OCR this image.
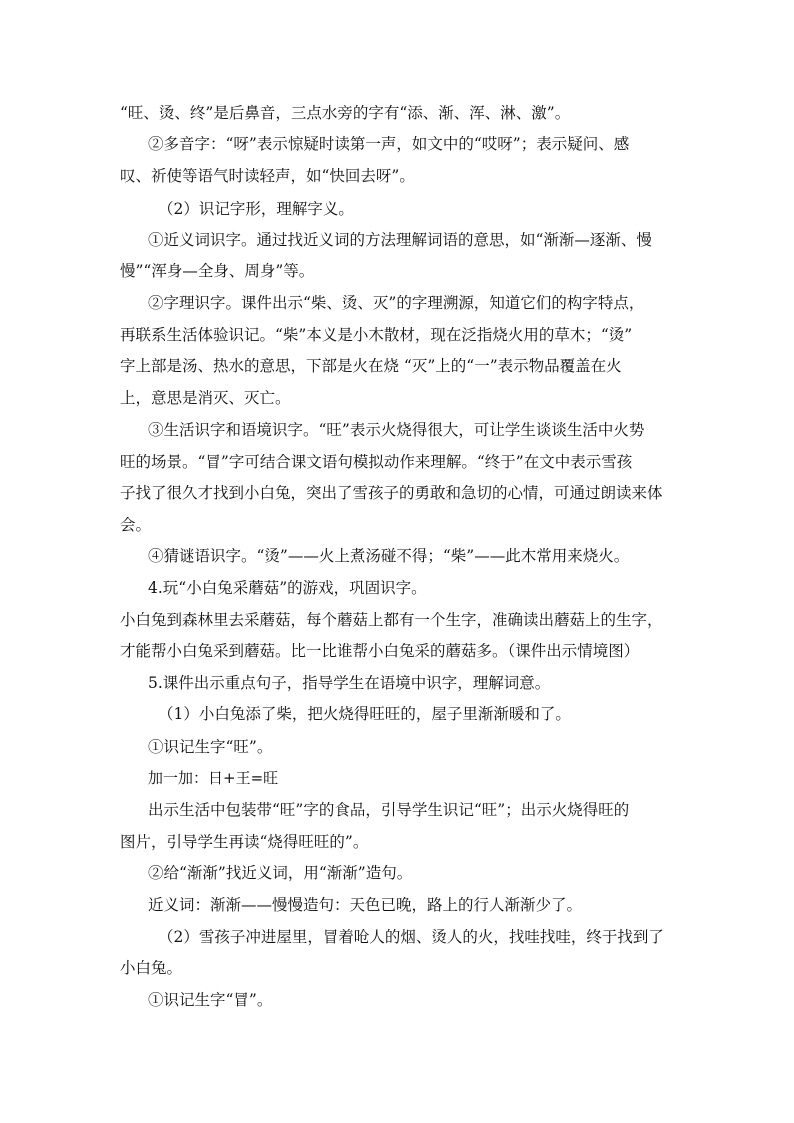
“旺、烫、终”是后鼻音，三点水旁的字有“添、渐、浑、淋、激”。

②多音字：“呀”表示惊疑时读第一声，如文中的“哎呀”；表示疑问、感

叹、祈使等语气时读轻声，如“快回去呀”。

（2）识记字形，理解字义。

①近义词识字。通过找近义词的方法理解词语的意思，如“渐渐—逐渐、慢

慢”“浑身—全身、周身”等。

②字理识字。课件出示“柴、烫、灭”的字理溯源，知道它们的构字特点，

再联系生活体验识记。“柴”本义是小木散材，现在泛指烧火用的草木；“烫”

字上部是汤、热水的意思，下部是火在烧 “灭”上的“一”表示物品覆盖在火

上，意思是消灭、灭亡。

③生活识字和语境识字。“旺”表示火烧得很大，可让学生谈谈生活中火势

旺的场景。“冒”字可结合课文语句模拟动作来理解。“终于”在文中表示雪孩

子找了很久才找到小白兔，突出了雪孩子的勇敢和急切的心情，可通过朗读来体

会。

④猜谜语识字。“烫”——火上煮汤碰不得；“柴”——此木常用来烧火。

4.玩“小白兔采蘑菇”的游戏，巩固识字。

小白兔到森林里去采蘑菇，每个蘑菇上都有一个生字，准确读出蘑菇上的生字，

才能帮小白兔采到蘑菇。比一比谁帮小白兔采的蘑菇多。（课件出示情境图）

5.课件出示重点句子，指导学生在语境中识字，理解词意。

（1）小白兔添了柴，把火烧得旺旺的，屋子里渐渐暖和了。

①识记生字“旺”。

加一加：日+王=旺

出示生活中包装带“旺”字的食品，引导学生识记“旺”；出示火烧得旺的

图片，引导学生再读“烧得旺旺的”。

②给“渐渐”找近义词，用“渐渐”造句。

近义词：渐渐——慢慢造句：天色已晚，路上的行人渐渐少了。

（2）雪孩子冲进屋里，冒着呛人的烟、烫人的火，找哇找哇，终于找到了

小白兔。

①识记生字“冒”。
